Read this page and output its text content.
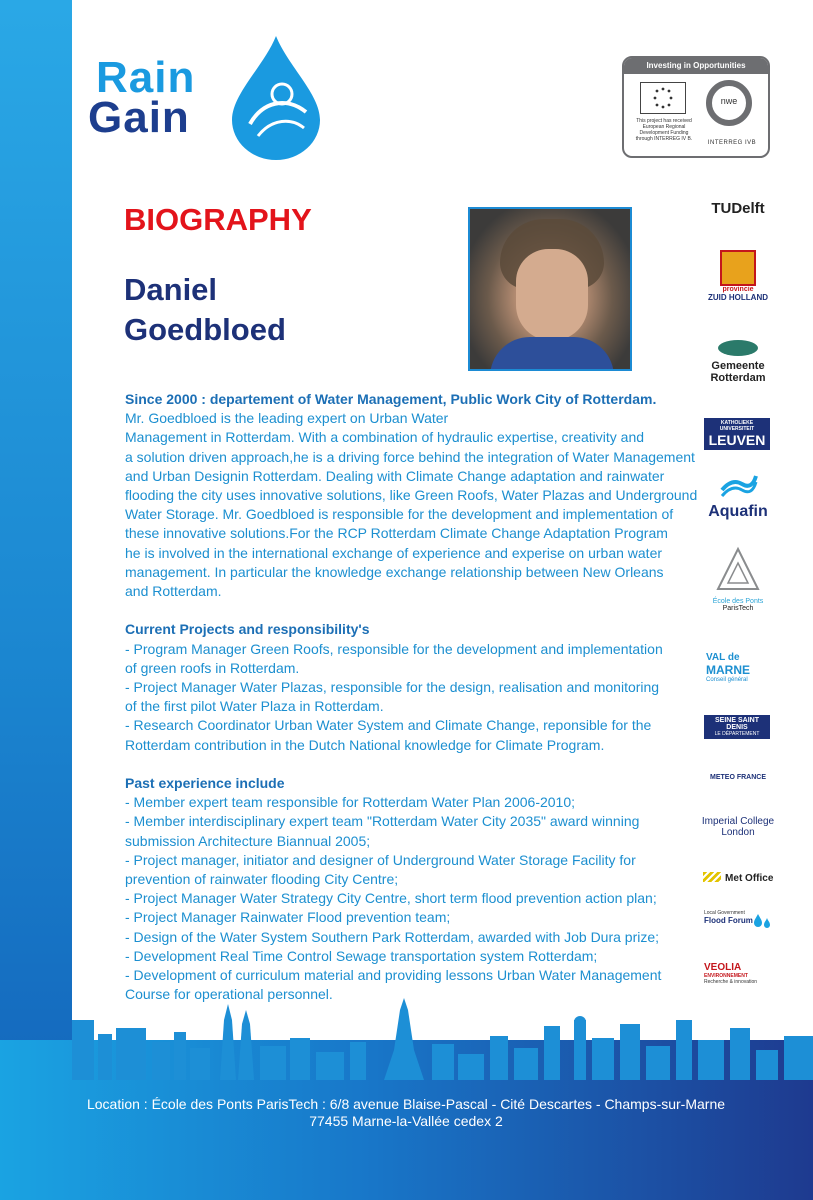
Rain
Gain
Investing in Opportunities
This project has received European Regional Development Funding through INTERREG IV B.
nwe
INTERREG IVB
BIOGRAPHY
Daniel
Goedbloed

Since 2000 : departement of Water Management, Public Work City of Rotterdam.

Mr. Goedbloed is the leading expert on Urban Water

Management in Rotterdam. With a combination of hydraulic expertise, creativity and

a solution driven approach,he is a driving force behind the integration of Water Management

and Urban Designin Rotterdam. Dealing with Climate Change adaptation and rainwater

flooding the city uses innovative solutions, like Green Roofs, Water Plazas and Underground

Water Storage. Mr. Goedbloed is responsible for the development and implementation of

these innovative solutions.For the RCP Rotterdam Climate Change Adaptation Program

he is involved in the international exchange of experience and experise on urban water

management. In particular the knowledge exchange relationship between New Orleans

and Rotterdam.

Current Projects and responsibility's

- Program Manager Green Roofs, responsible for the development and implementation

of green roofs in Rotterdam.

- Project Manager Water Plazas, responsible for the design, realisation and monitoring

of the first pilot Water Plaza in Rotterdam.

- Research Coordinator Urban Water System and Climate Change, reponsible for the

Rotterdam contribution in the Dutch National knowledge for Climate Program.

Past experience include

- Member expert team responsible for Rotterdam Water Plan 2006-2010;

- Member interdisciplinary expert team "Rotterdam Water City 2035" award winning

submission Architecture Biannual 2005;

- Project manager, initiator and designer of Underground Water Storage Facility for

prevention of rainwater flooding City Centre;

- Project Manager Water Strategy City Centre, short term flood prevention action plan;

- Project Manager Rainwater Flood prevention team;

- Design of the Water System Southern Park Rotterdam, awarded with Job Dura prize;

- Development Real Time Control Sewage transportation system Rotterdam;

- Development of curriculum material and providing lessons Urban Water Management

Course for operational personnel.

TUDelft
provincie
ZUID HOLLAND
Gemeente
Rotterdam
KATHOLIEKE UNIVERSITEIT
LEUVEN
Aquafin
École des Ponts
ParisTech
VAL de
MARNE
Conseil général
SEINE SAINT DENIS
LE DÉPARTEMENT
METEO FRANCE
Imperial College
London
Met Office
Local Government
Flood Forum
VEOLIA
ENVIRONNEMENT
Recherche & innovation
Location : École des Ponts ParisTech : 6/8 avenue Blaise-Pascal - Cité Descartes - Champs-sur-Marne
77455 Marne-la-Vallée cedex 2
